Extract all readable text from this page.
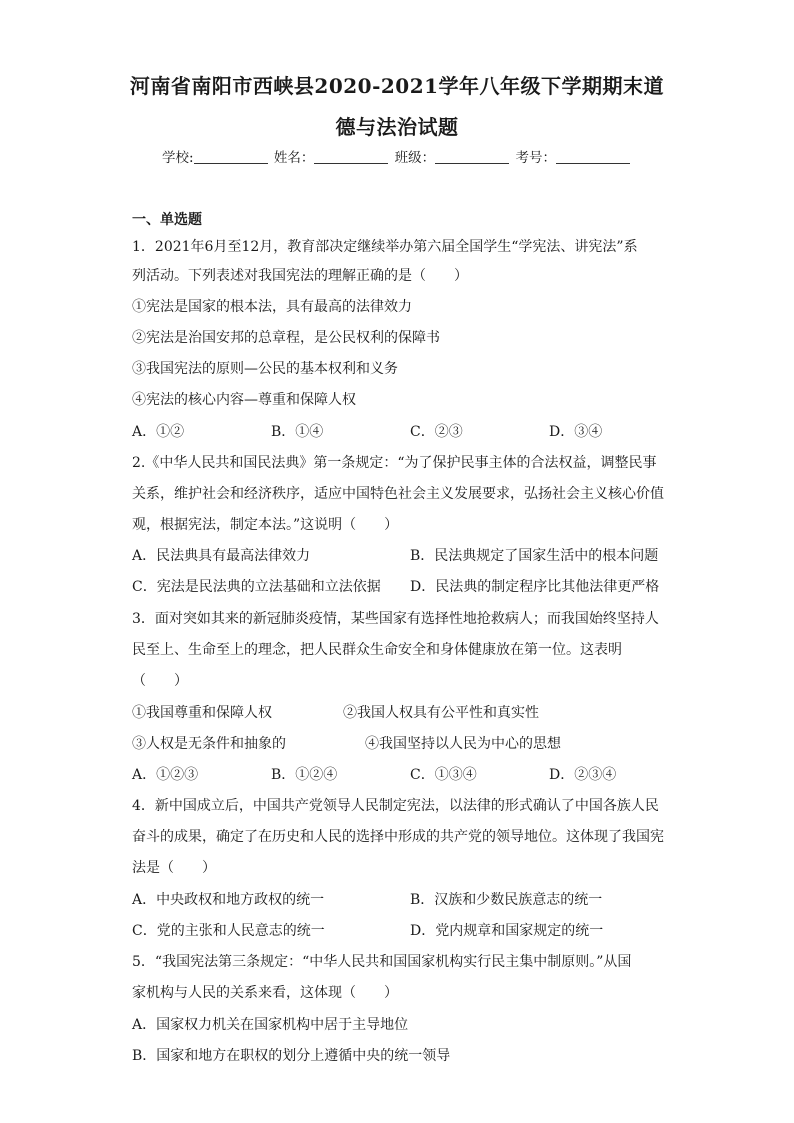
河南省南阳市西峡县2020-2021学年八年级下学期期末道
德与法治试题
学校:	姓名：	班级：	考号：
一、单选题
1．2021年6月至12月，教育部决定继续举办第六届全国学生“学宪法、讲宪法”系
列活动。下列表述对我国宪法的理解正确的是（　　）
①宪法是国家的根本法，具有最高的法律效力
②宪法是治国安邦的总章程，是公民权利的保障书
③我国宪法的原则—公民的基本权利和义务
④宪法的核心内容—尊重和保障人权
A．①②	B．①④	C．②③	D．③④
2.《中华人民共和国民法典》第一条规定：“为了保护民事主体的合法权益，调整民事
关系，维护社会和经济秩序，适应中国特色社会主义发展要求，弘扬社会主义核心价值
观，根据宪法，制定本法。”这说明（　　）
A．民法典具有最高法律效力	B．民法典规定了国家生活中的根本问题
C．宪法是民法典的立法基础和立法依据 D．民法典的制定程序比其他法律更严格
3．面对突如其来的新冠肺炎疫情，某些国家有选择性地抢救病人；而我国始终坚持人
民至上、生命至上的理念，把人民群众生命安全和身体健康放在第一位。这表明
（　　）
①我国尊重和保障人权	②我国人权具有公平性和真实性
③人权是无条件和抽象的	④我国坚持以人民为中心的思想
A．①②③	B．①②④	C．①③④	D．②③④
4．新中国成立后，中国共产党领导人民制定宪法，以法律的形式确认了中国各族人民
奋斗的成果，确定了在历史和人民的选择中形成的共产党的领导地位。这体现了我国宪
法是（　　）
A．中央政权和地方政权的统一	B．汉族和少数民族意志的统一
C．党的主张和人民意志的统一	D．党内规章和国家规定的统一
5．“我国宪法第三条规定：“中华人民共和国国家机构实行民主集中制原则。”从国
家机构与人民的关系来看，这体现（　　）
A．国家权力机关在国家机构中居于主导地位
B．国家和地方在职权的划分上遵循中央的统一领导
